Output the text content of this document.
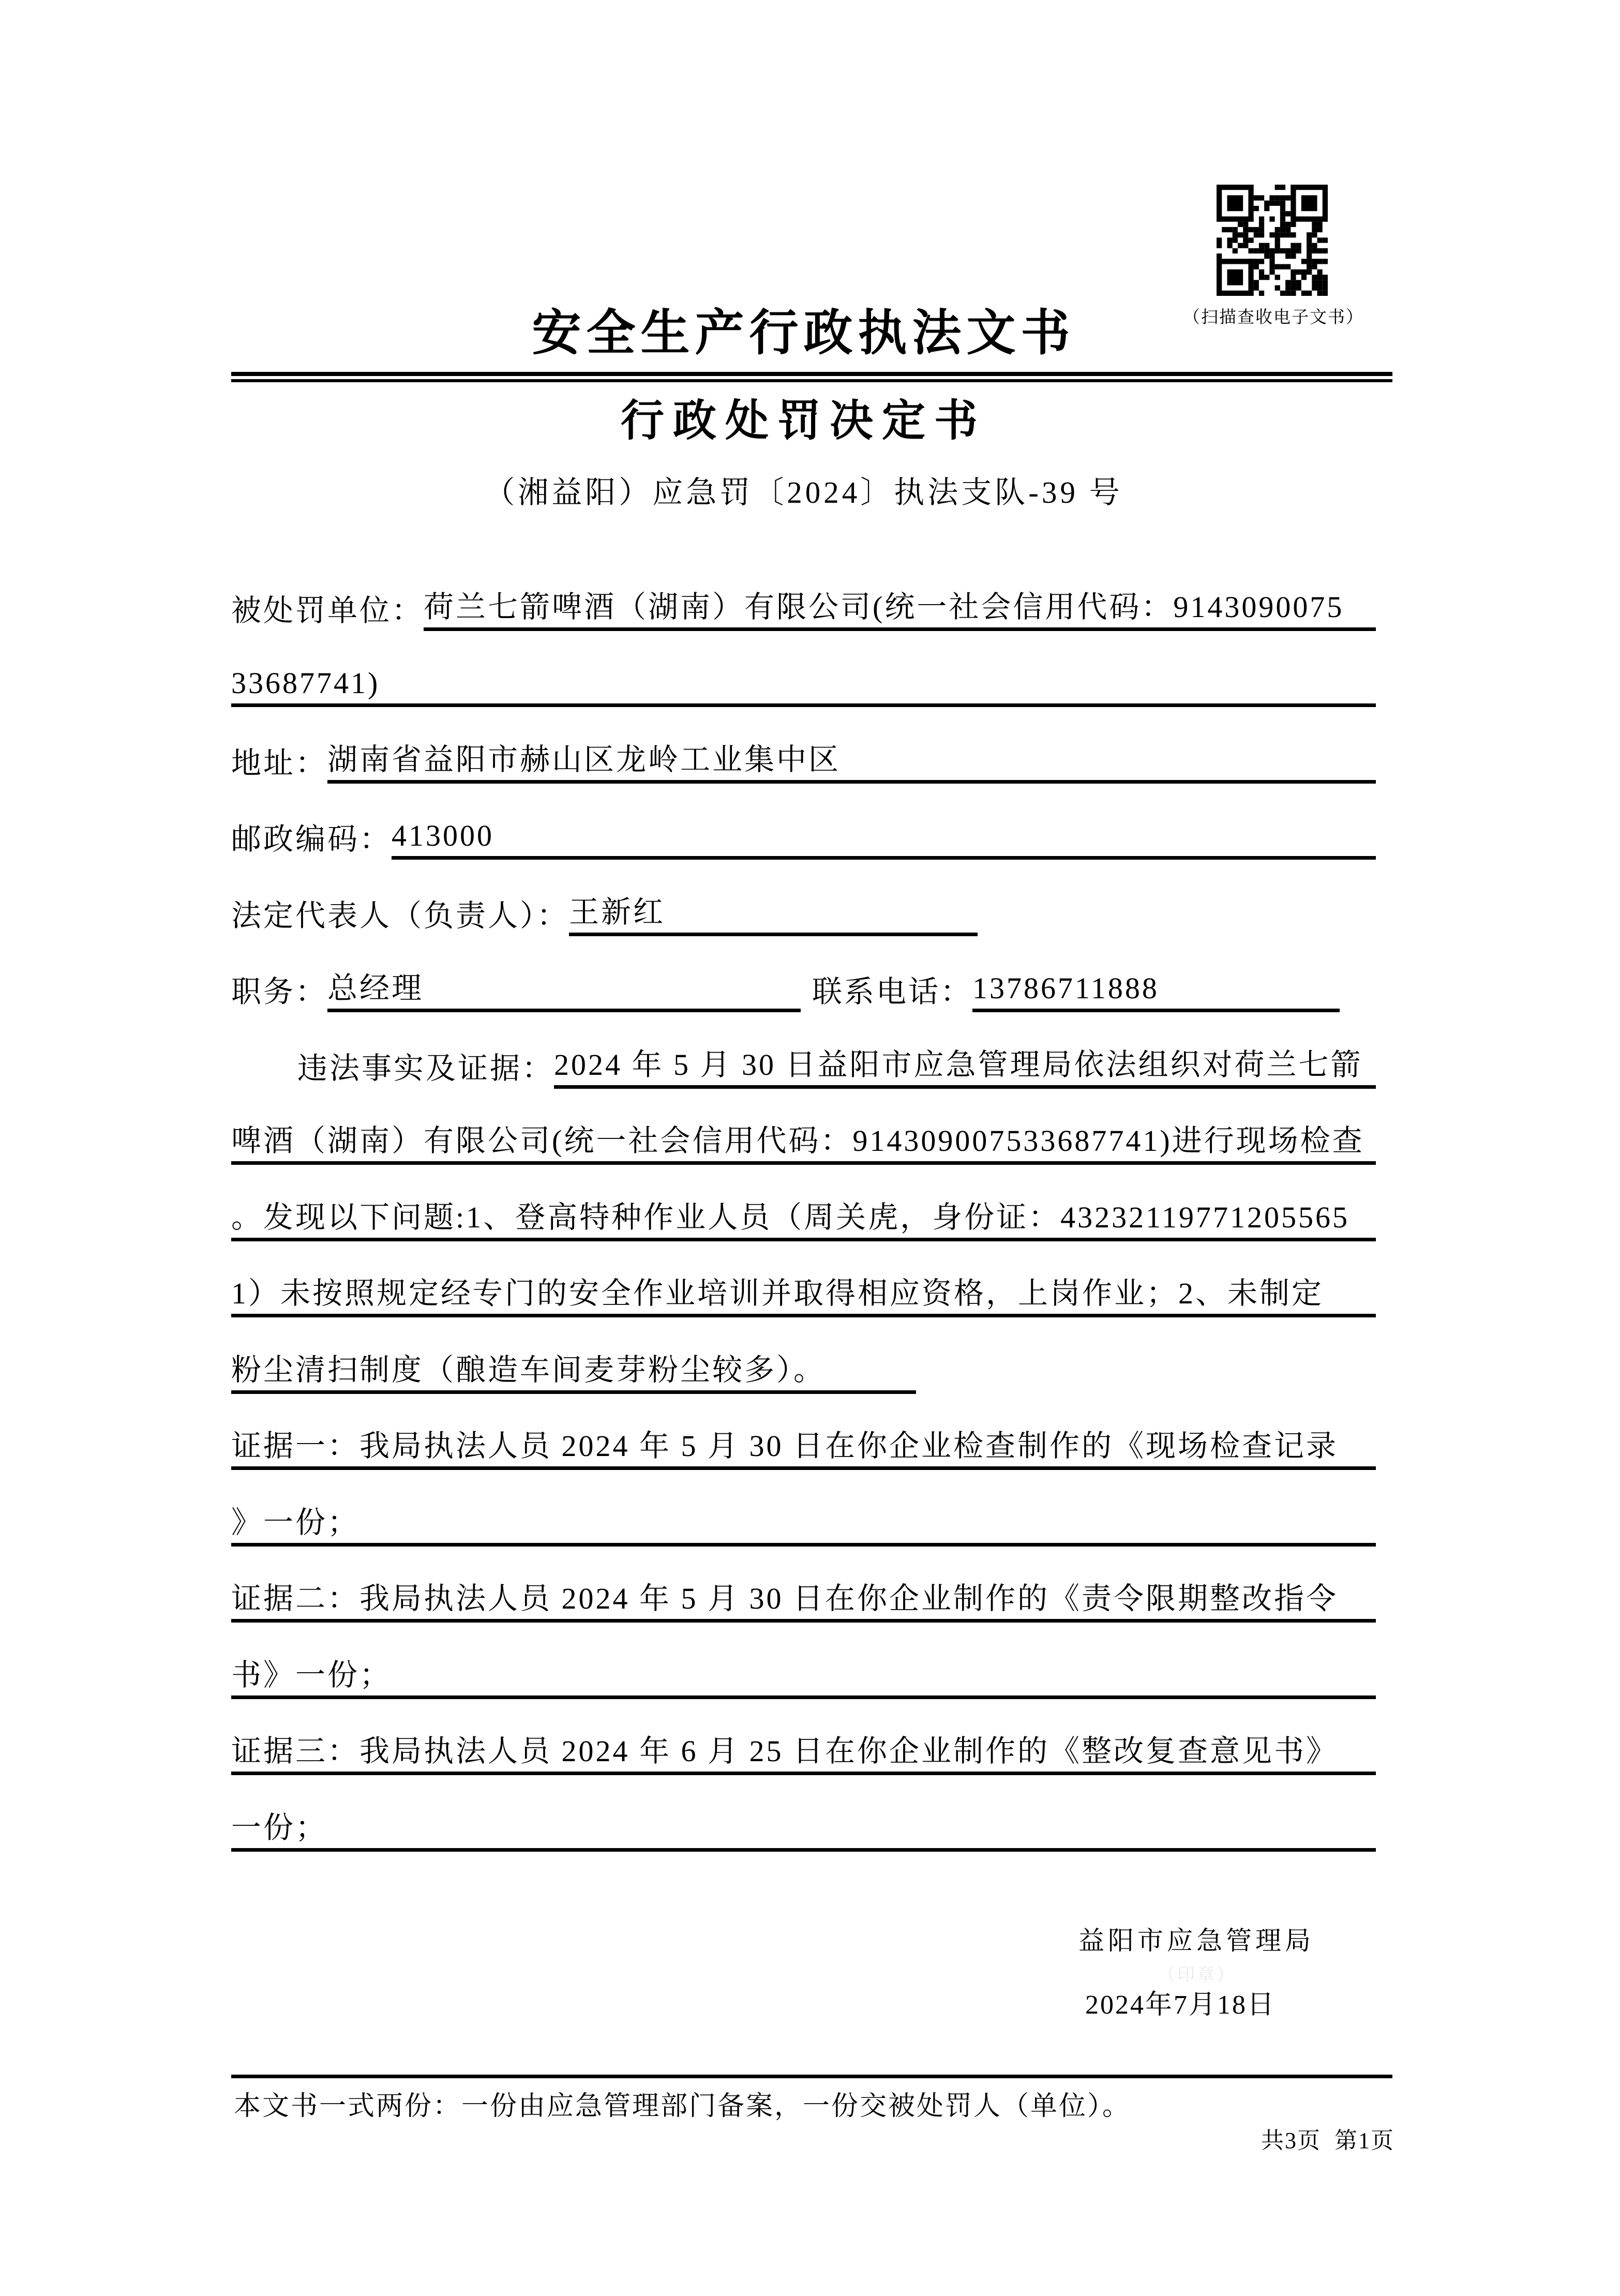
（扫描查收电子文书）
安全生产行政执法文书
行政处罚决定书
（湘益阳）应急罚〔2024〕执法支队-39 号
被处罚单位： 荷兰七箭啤酒（湖南）有限公司(统一社会信用代码：9143090075
33687741)
地址： 湖南省益阳市赫山区龙岭工业集中区
邮政编码： 413000
法定代表人（负责人）： 王新红
职务： 总经理	联系电话： 13786711888
违法事实及证据： 2024 年 5 月 30 日益阳市应急管理局依法组织对荷兰七箭
啤酒（湖南）有限公司(统一社会信用代码：914309007533687741)进行现场检查
。发现以下问题:1、登高特种作业人员（周关虎，身份证：43232119771205565
1）未按照规定经专门的安全作业培训并取得相应资格，上岗作业；2、未制定
粉尘清扫制度（酿造车间麦芽粉尘较多）。
证据一：我局执法人员 2024 年 5 月 30 日在你企业检查制作的《现场检查记录
》一份；
证据二：我局执法人员 2024 年 5 月 30 日在你企业制作的《责令限期整改指令
书》一份；
证据三：我局执法人员 2024 年 6 月 25 日在你企业制作的《整改复查意见书》
一份；
益阳市应急管理局
（印章）
2024年7月18日
本文书一式两份：一份由应急管理部门备案，一份交被处罚人（单位）。
共3页  第1页
